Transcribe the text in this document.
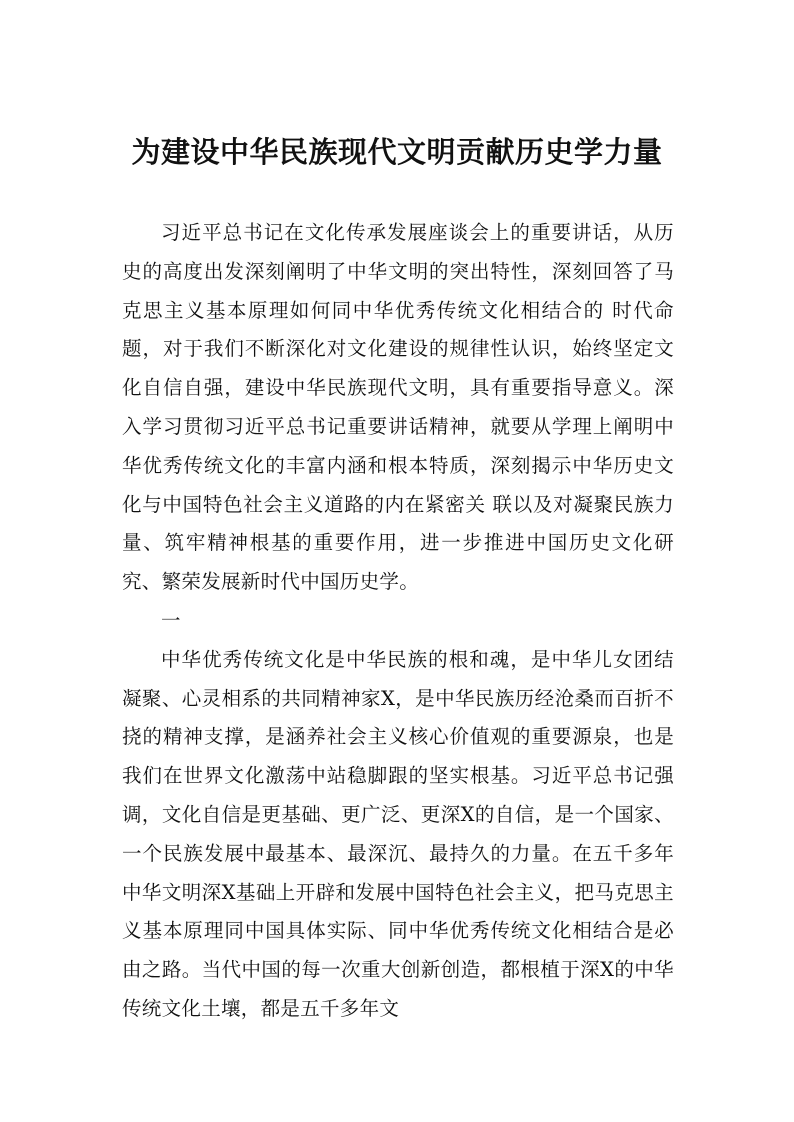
为建设中华民族现代文明贡献历史学力量

习近平总书记在文化传承发展座谈会上的重要讲话，从历史的高度出发深刻阐明了中华文明的突出特性，深刻回答了马克思主义基本原理如何同中华优秀传统文化相结合的 时代命题，对于我们不断深化对文化建设的规律性认识，始终坚定文化自信自强，建设中华民族现代文明，具有重要指导意义。深入学习贯彻习近平总书记重要讲话精神，就要从学理上阐明中华优秀传统文化的丰富内涵和根本特质，深刻揭示中华历史文化与中国特色社会主义道路的内在紧密关 联以及对凝聚民族力量、筑牢精神根基的重要作用，进一步推进中国历史文化研究、繁荣发展新时代中国历史学。

一

中华优秀传统文化是中华民族的根和魂，是中华儿女团结凝聚、心灵相系的共同精神家X，是中华民族历经沧桑而百折不挠的精神支撑，是涵养社会主义核心价值观的重要源泉，也是我们在世界文化激荡中站稳脚跟的坚实根基。习近平总书记强调，文化自信是更基础、更广泛、更深X的自信，是一个国家、一个民族发展中最基本、最深沉、最持久的力量。在五千多年中华文明深X基础上开辟和发展中国特色社会主义，把马克思主义基本原理同中国具体实际、同中华优秀传统文化相结合是必由之路。当代中国的每一次重大创新创造，都根植于深X的中华传统文化土壤，都是五千多年文
